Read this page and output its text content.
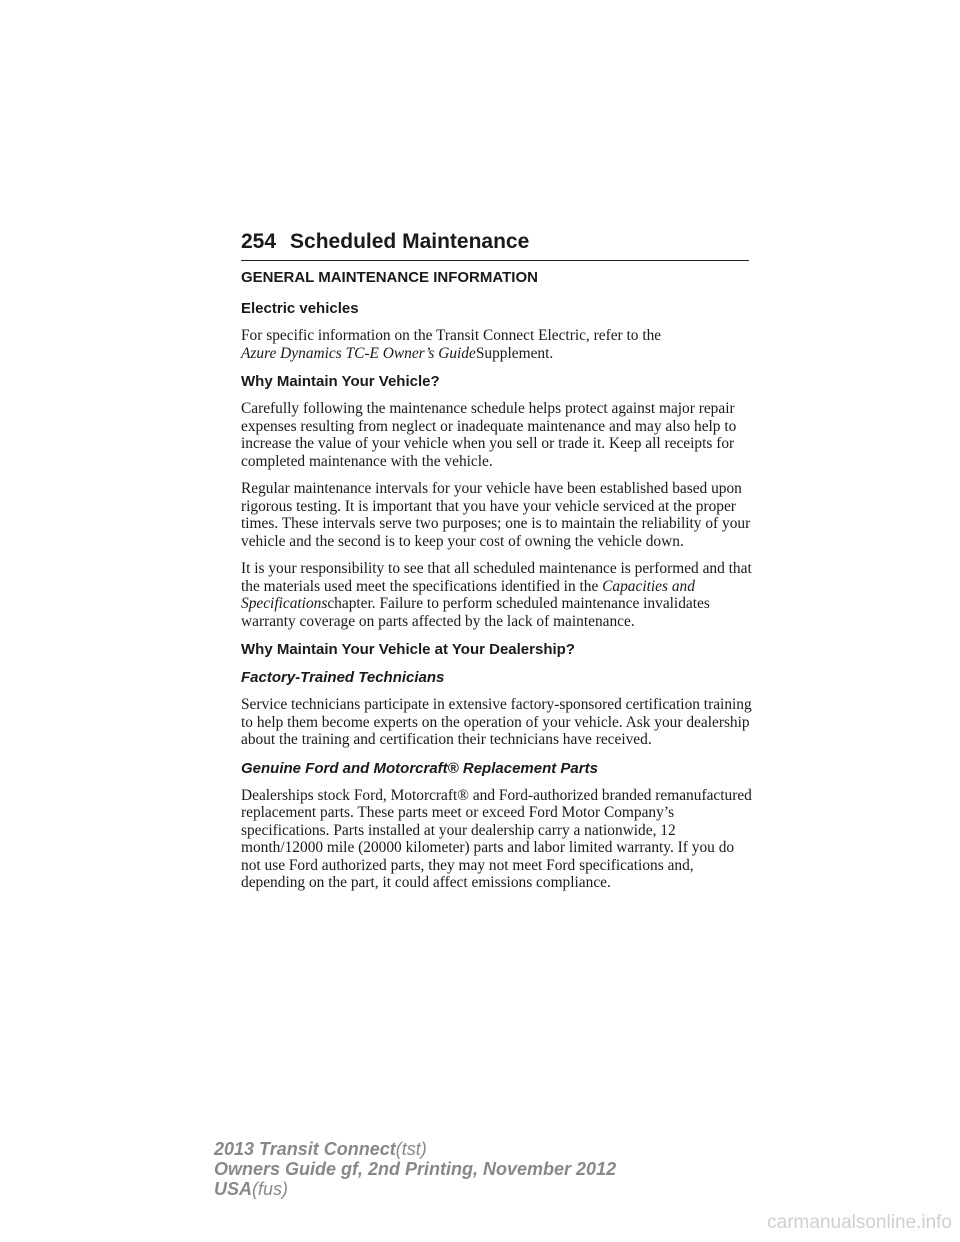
254 Scheduled Maintenance
GENERAL MAINTENANCE INFORMATION
Electric vehicles

For specific information on the Transit Connect Electric, refer to the
Azure Dynamics TC-E Owner’s GuideSupplement.

Why Maintain Your Vehicle?

Carefully following the maintenance schedule helps protect against major repair expenses resulting from neglect or inadequate maintenance and may also help to increase the value of your vehicle when you sell or trade it. Keep all receipts for completed maintenance with the vehicle.

Regular maintenance intervals for your vehicle have been established based upon rigorous testing. It is important that you have your vehicle serviced at the proper times. These intervals serve two purposes; one is to maintain the reliability of your vehicle and the second is to keep your cost of owning the vehicle down.

It is your responsibility to see that all scheduled maintenance is performed and that the materials used meet the specifications identified in the Capacities and Specificationschapter. Failure to perform scheduled maintenance invalidates warranty coverage on parts affected by the lack of maintenance.

Why Maintain Your Vehicle at Your Dealership?
Factory-Trained Technicians

Service technicians participate in extensive factory-sponsored certification training to help them become experts on the operation of your vehicle. Ask your dealership about the training and certification their technicians have received.

Genuine Ford and Motorcraft® Replacement Parts

Dealerships stock Ford, Motorcraft® and Ford-authorized branded remanufactured replacement parts. These parts meet or exceed Ford Motor Company’s specifications. Parts installed at your dealership carry a nationwide, 12 month/12000 mile (20000 kilometer) parts and labor limited warranty. If you do not use Ford authorized parts, they may not meet Ford specifications and, depending on the part, it could affect emissions compliance.

2013 Transit Connect(tst)
Owners Guide gf, 2nd Printing, November 2012
USA(fus)
carmanualsonline.info
